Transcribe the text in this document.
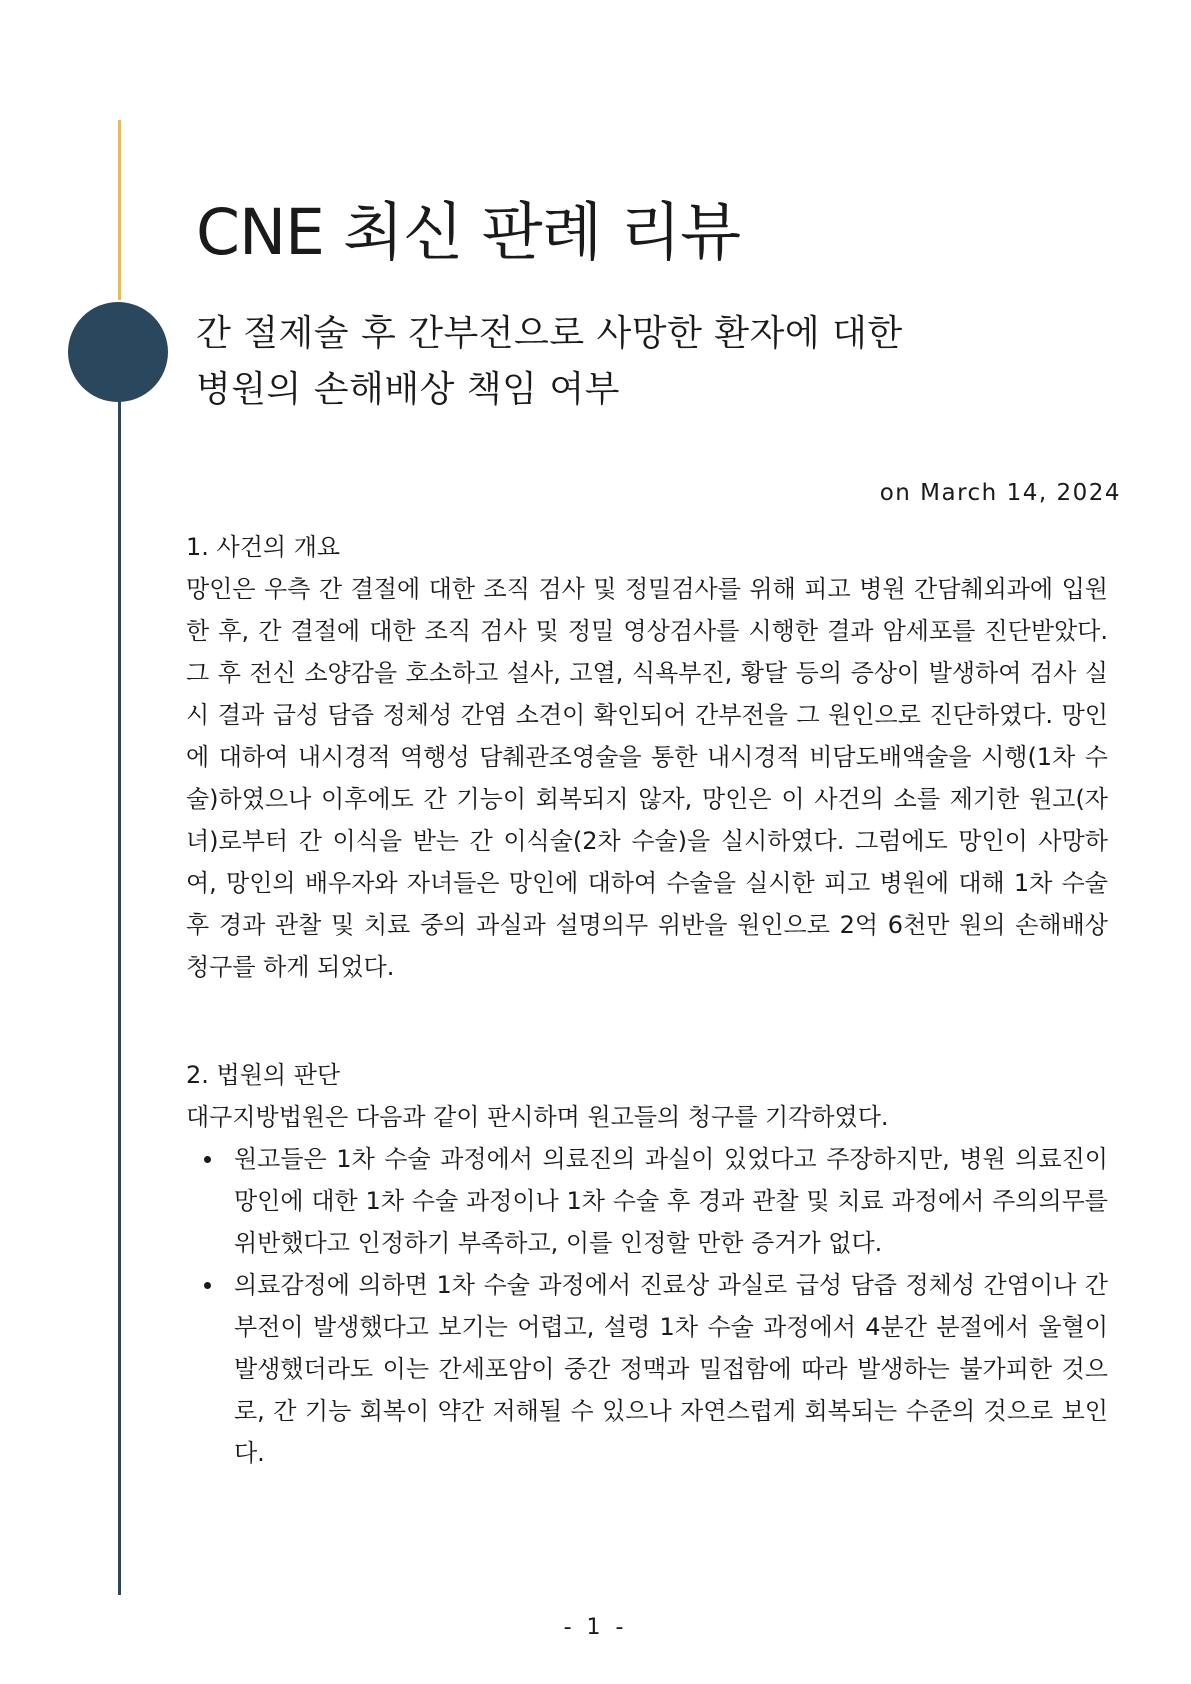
CNE 최신 판례 리뷰
간 절제술 후 간부전으로 사망한 환자에 대한
병원의 손해배상 책임 여부
on March 14, 2024
1. 사건의 개요
망인은 우측 간 결절에 대한 조직 검사 및 정밀검사를 위해 피고 병원 간담췌외과에 입원한 후, 간 결절에 대한 조직 검사 및 정밀 영상검사를 시행한 결과 암세포를 진단받았다. 그 후 전신 소양감을 호소하고 설사, 고열, 식욕부진, 황달 등의 증상이 발생하여 검사 실시 결과 급성 담즙 정체성 간염 소견이 확인되어 간부전을 그 원인으로 진단하였다. 망인에 대하여 내시경적 역행성 담췌관조영술을 통한 내시경적 비담도배액술을 시행(1차 수술)하였으나 이후에도 간 기능이 회복되지 않자, 망인은 이 사건의 소를 제기한 원고(자녀)로부터 간 이식을 받는 간 이식술(2차 수술)을 실시하였다. 그럼에도 망인이 사망하여, 망인의 배우자와 자녀들은 망인에 대하여 수술을 실시한 피고 병원에 대해 1차 수술 후 경과 관찰 및 치료 중의 과실과 설명의무 위반을 원인으로 2억 6천만 원의 손해배상 청구를 하게 되었다.
2. 법원의 판단
대구지방법원은 다음과 같이 판시하며 원고들의 청구를 기각하였다.
원고들은 1차 수술 과정에서 의료진의 과실이 있었다고 주장하지만, 병원 의료진이 망인에 대한 1차 수술 과정이나 1차 수술 후 경과 관찰 및 치료 과정에서 주의의무를 위반했다고 인정하기 부족하고, 이를 인정할 만한 증거가 없다.
의료감정에 의하면 1차 수술 과정에서 진료상 과실로 급성 담즙 정체성 간염이나 간부전이 발생했다고 보기는 어렵고, 설령 1차 수술 과정에서 4분간 분절에서 울혈이 발생했더라도 이는 간세포암이 중간 정맥과 밀접함에 따라 발생하는 불가피한 것으로, 간 기능 회복이 약간 저해될 수 있으나 자연스럽게 회복되는 수준의 것으로 보인다.
- 1 -
